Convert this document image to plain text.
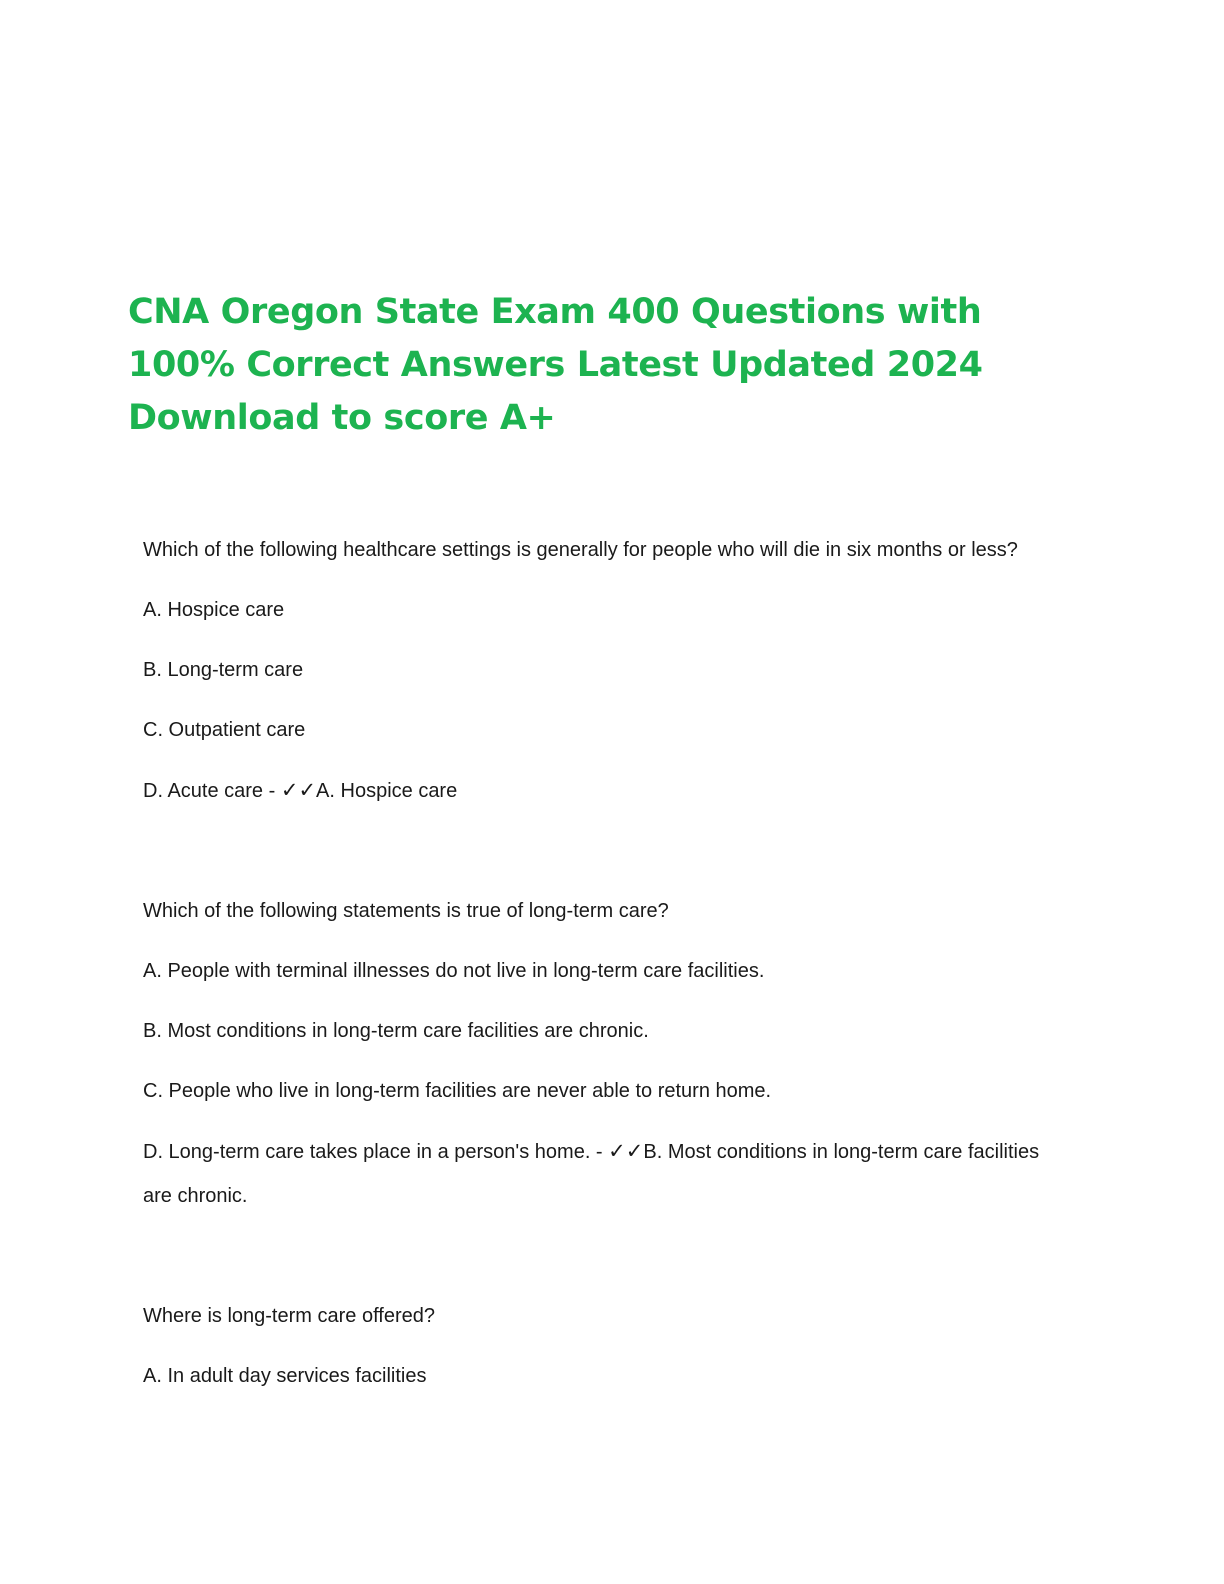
CNA Oregon State Exam 400 Questions with 100% Correct Answers Latest Updated 2024 Download to score A+

Which of the following healthcare settings is generally for people who will die in six months or less?

A. Hospice care

B. Long-term care

C. Outpatient care

D. Acute care - ✓✓A. Hospice care

Which of the following statements is true of long-term care?

A. People with terminal illnesses do not live in long-term care facilities.

B. Most conditions in long-term care facilities are chronic.

C. People who live in long-term facilities are never able to return home.

D. Long-term care takes place in a person's home. - ✓✓B. Most conditions in long-term care facilities are chronic.

Where is long-term care offered?

A. In adult day services facilities
